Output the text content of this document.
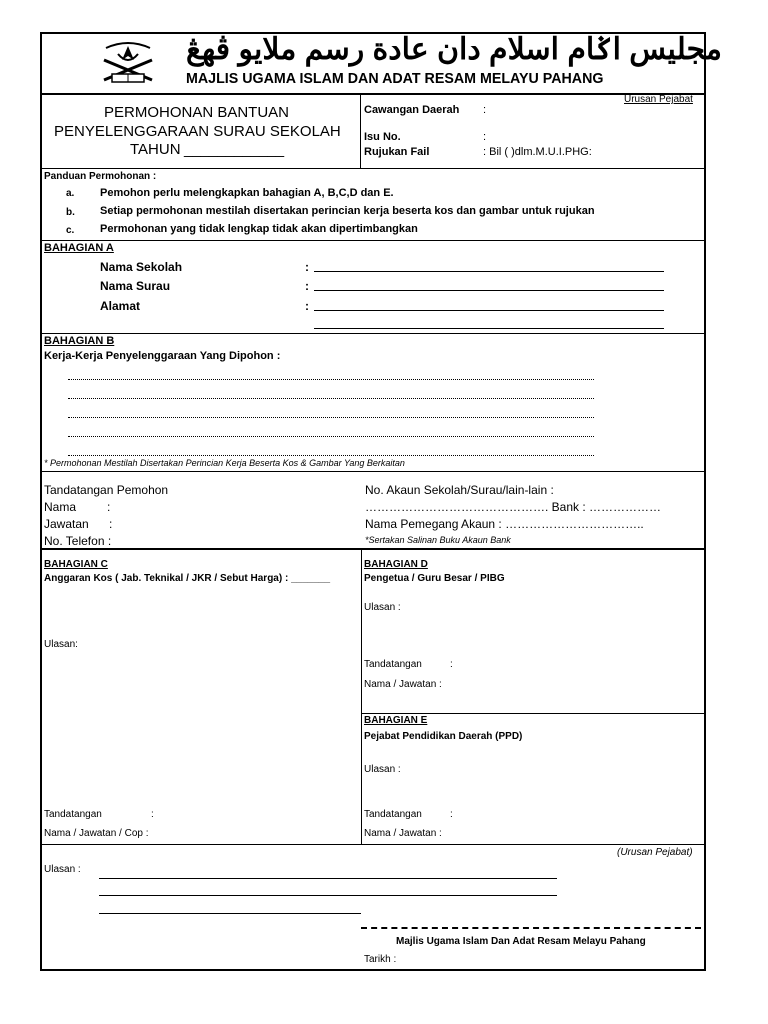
مجليس اݢام اسلام دان عادة رسم ملايو ڤهڠ
MAJLIS UGAMA ISLAM DAN ADAT RESAM MELAYU PAHANG
PERMOHONAN BANTUAN
PENYELENGGARAAN SURAU SEKOLAH
TAHUN ____________
Urusan Pejabat
Cawangan Daerah :
Isu No.	:
Rujukan Fail	: Bil ( )dlm.M.U.I.PHG:
Panduan Permohonan :
a. Pemohon perlu melengkapkan bahagian A, B,C,D dan E.
b. Setiap permohonan mestilah disertakan perincian kerja beserta kos dan gambar untuk rujukan
c. Permohonan yang tidak lengkap tidak akan dipertimbangkan
BAHAGIAN A
Nama Sekolah	:
Nama Surau	:
Alamat	:
BAHAGIAN B
Kerja-Kerja Penyelenggaraan Yang Dipohon :
* Permohonan Mestilah Disertakan Perincian Kerja Beserta Kos & Gambar Yang Berkaitan
Tandatangan Pemohon
Nama	:
Jawatan :
No. Telefon :
No. Akaun Sekolah/Surau/lain-lain :
………………………………………. Bank : ………………
Nama Pemegang Akaun : ……………………………..
*Sertakan Salinan Buku Akaun Bank
BAHAGIAN C
Anggaran Kos ( Jab. Teknikal / JKR / Sebut Harga) : _______
Ulasan:
Tandatangan	:
Nama / Jawatan / Cop :
BAHAGIAN D
Pengetua / Guru Besar / PIBG
Ulasan :
Tandatangan	:
Nama / Jawatan :
BAHAGIAN E
Pejabat Pendidikan Daerah (PPD)
Ulasan :
Tandatangan	:
Nama / Jawatan :
(Urusan Pejabat)
Ulasan :
Majlis Ugama Islam Dan Adat Resam Melayu Pahang
Tarikh :
